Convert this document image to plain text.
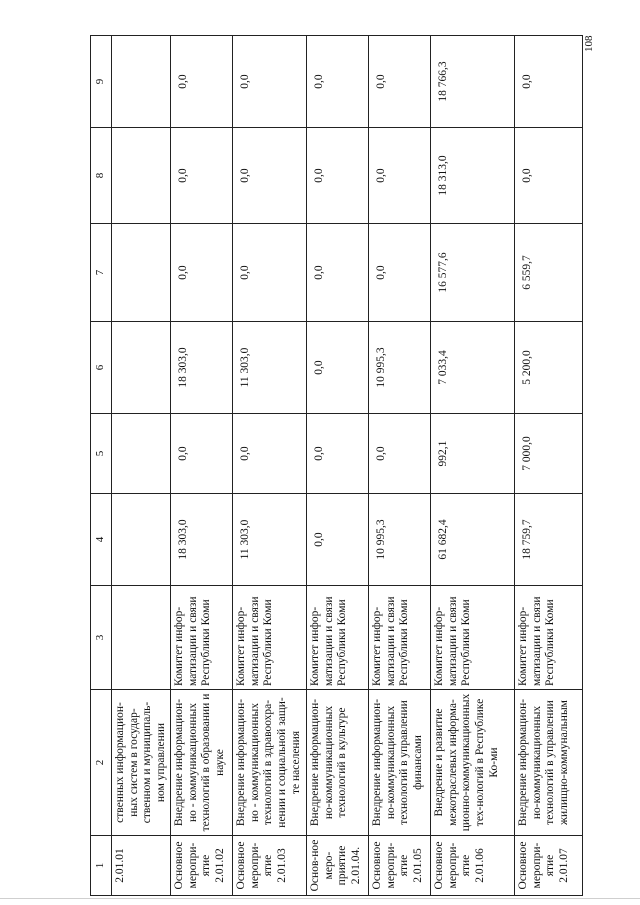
108
1	2	3	4	5	6	7	8	9
2.01.01	ственных информацион-ных систем в государ-ственном и муниципаль-ном управлении							
Основное меропри-ятие 2.01.02	Внедрение информацион-но - коммуникационных технологий в образовании и науке	Комитет инфор-матизации и связи Республики Коми	18 303,0	0,0	18 303,0	0,0	0,0	0,0
Основное меропри-ятие 2.01.03	Внедрение информацион-но - коммуникационных технологий в здравоохра-нении и социальной защи-те населения	Комитет инфор-матизации и связи Республики Коми	11 303,0	0,0	11 303,0	0,0	0,0	0,0
Основ-ное меро-приятие 2.01.04.	Внедрение информацион-но-коммуникационных технологий в культуре	Комитет инфор-матизации и связи Республики Коми	0,0	0,0	0,0	0,0	0,0	0,0
Основное меропри-ятие 2.01.05	Внедрение информацион-но-коммуникационных технологий в управлении финансами	Комитет инфор-матизации и связи Республики Коми	10 995,3	0,0	10 995,3	0,0	0,0	0,0
Основное меропри-ятие 2.01.06	Внедрение и развитие межотраслевых информа-ционно-коммуникационных тех-нологий в Республике Ко-ми	Комитет инфор-матизации и связи Республики Коми	61 682,4	992,1	7 033,4	16 577,6	18 313,0	18 766,3
Основное меропри-ятие 2.01.07	Внедрение информацион-но-коммуникационных технологий в управлении жилищно-коммунальным	Комитет инфор-матизации и связи Республики Коми	18 759,7	7 000,0	5 200,0	6 559,7	0,0	0,0
